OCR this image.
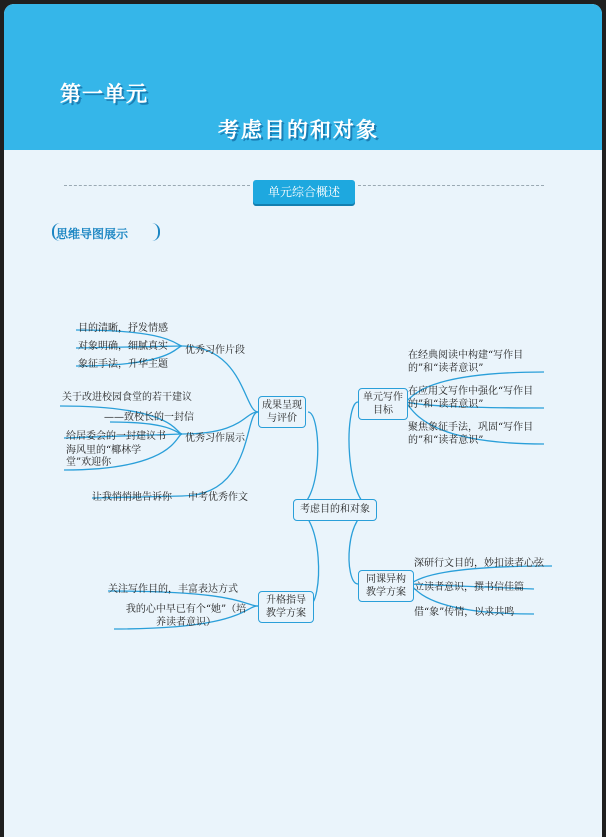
第一单元
考虑目的和对象
单元综合概述
思维导图展示
考虑目的和对象
成果呈现与评价
优秀习作片段
目的清晰，抒发情感
对象明确，细腻真实
象征手法，升华主题
优秀习作展示
关于改进校园食堂的若干建议
——致校长的一封信
给居委会的一封建议书
海风里的“椰林学堂”欢迎你
中考优秀作文
让我悄悄地告诉你
升格指导教学方案
关注写作目的，丰富表达方式
我的心中早已有个“她”（培养读者意识）
单元写作目标
在经典阅读中构建“写作目的”和“读者意识”
在应用文写作中强化“写作目的”和“读者意识”
聚焦象征手法，巩固“写作目的”和“读者意识”
同课异构教学方案
深研行文目的，妙扣读者心弦
立读者意识，撰书信佳篇
借“象”传情，以求共鸣
